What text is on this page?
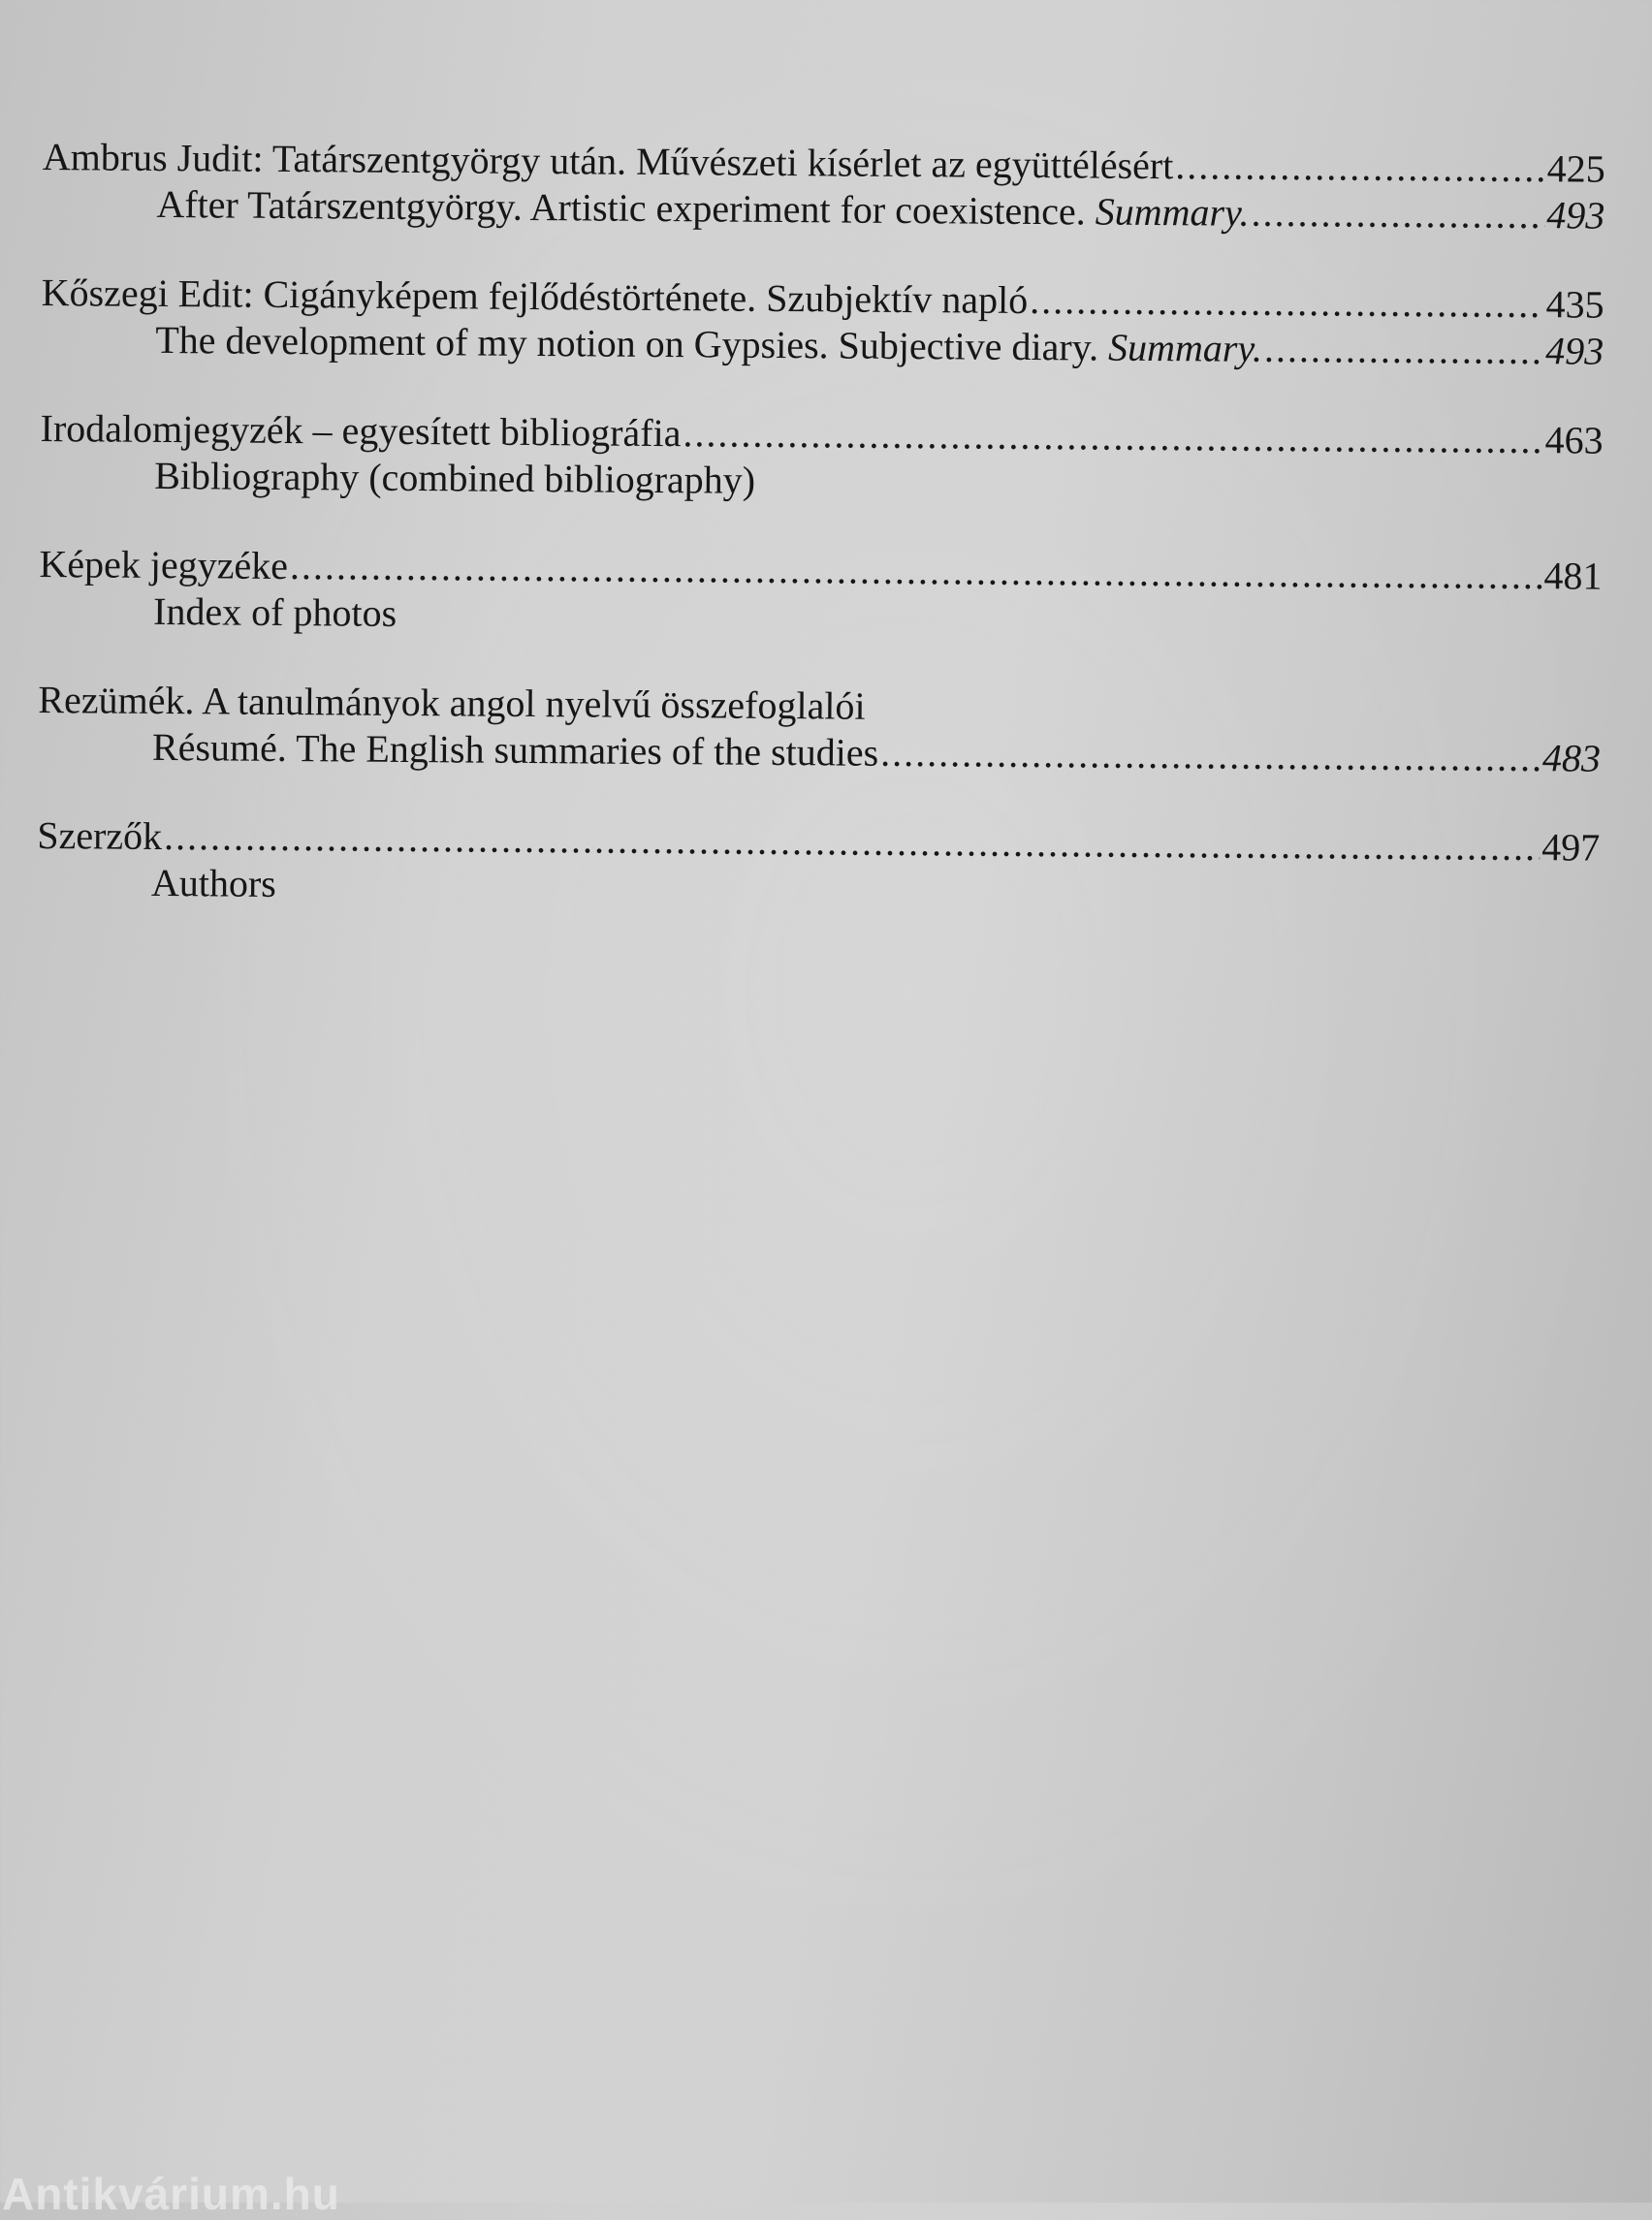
Ambrus Judit: Tatárszentgyörgy után. Művészeti kísérlet az együttélésért .....	425
After Tatárszentgyörgy. Artistic experiment for coexistence. Summary. .....	493
Kőszegi Edit: Cigányképem fejlődéstörténete. Szubjektív napló .....	435
The development of my notion on Gypsies. Subjective diary. Summary. .....	493
Irodalomjegyzék – egyesített bibliográfia .....	463
Bibliography (combined bibliography)
Képek jegyzéke .....	481
Index of photos
Rezümék. A tanulmányok angol nyelvű összefoglalói
Résumé. The English summaries of the studies .....	483
Szerzők .....	497
Authors
Antikvárium.hu
